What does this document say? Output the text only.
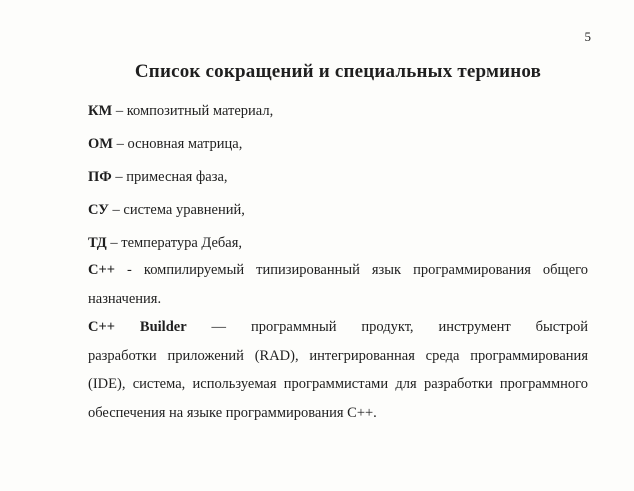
5
Список сокращений и специальных терминов

КМ – композитный материал,

ОМ – основная матрица,

ПФ – примесная фаза,

СУ – система уравнений,

ТД – температура Дебая,

С++ - компилируемый типизированный язык программирования общего
назначения.
С++ Builder — программный продукт, инструмент быстрой
разработки приложений (RAD), интегрированная среда программирования
(IDE), система, используемая программистами для разработки программного
обеспечения на языке программирования С++.
